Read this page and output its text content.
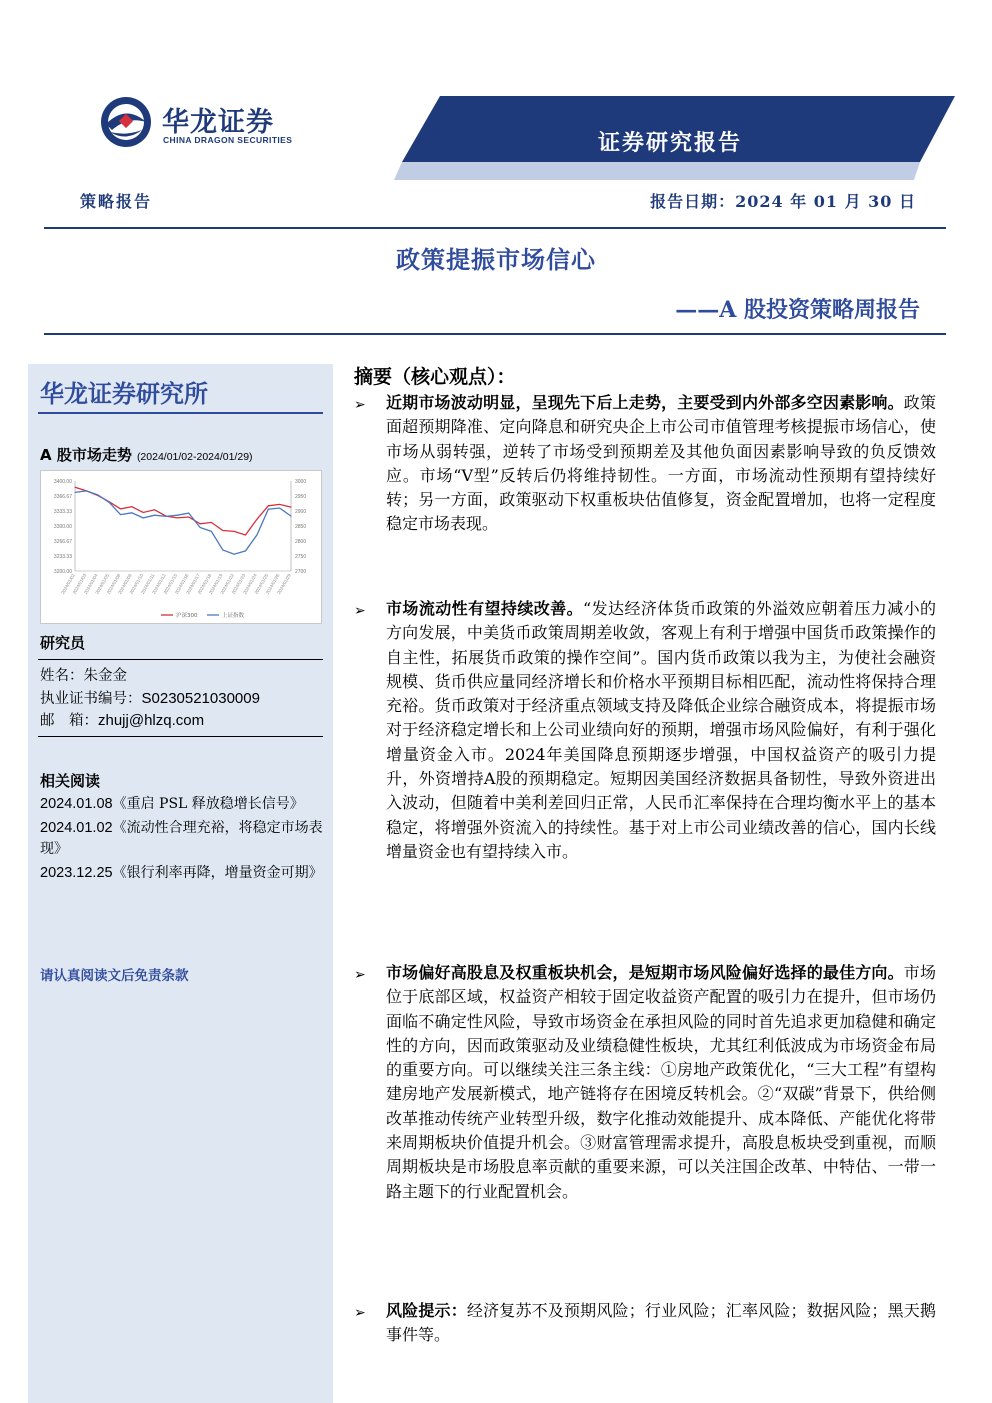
华龙证券
CHINA DRAGON SECURITIES	证券研究报告
策略报告	报告日期：2024 年 01 月 30 日
政策提振市场信心
——A 股投资策略周报告
华龙证券研究所
A 股市场走势 (2024/01/02-2024/01/29)
3200.00	2700
3233.33	2750
3266.67	2800
3300.00	2850
3333.33	2900
3366.67	2950
3400.00	3000
2024/01/02
2024/01/03
2024/01/04
2024/01/05
2024/01/08
2024/01/09
2024/01/10
2024/01/11
2024/01/12
2024/01/15
2024/01/16
2024/01/17
2024/01/18
2024/01/19
2024/01/22
2024/01/23
2024/01/24
2024/01/25
2024/01/26
2024/01/29
沪深300	上证指数
研究员
姓名：朱金金
执业证书编号：S0230521030009
邮　箱：zhujj@hlzq.com
相关阅读
2024.01.08《重启 PSL 释放稳增长信号》
2024.01.02《流动性合理充裕，将稳定市场表现》
2023.12.25《银行利率再降，增量资金可期》
请认真阅读文后免责条款
摘要（核心观点）：
➢ 近期市场波动明显，呈现先下后上走势，主要受到内外部多空因素影响。政策面超预期降准、定向降息和研究央企上市公司市值管理考核提振市场信心，使市场从弱转强，逆转了市场受到预期差及其他负面因素影响导致的负反馈效应。市场“V型”反转后仍将维持韧性。一方面，市场流动性预期有望持续好转；另一方面，政策驱动下权重板块估值修复，资金配置增加，也将一定程度稳定市场表现。
➢ 市场流动性有望持续改善。“发达经济体货币政策的外溢效应朝着压力减小的方向发展，中美货币政策周期差收敛，客观上有利于增强中国货币政策操作的自主性，拓展货币政策的操作空间”。国内货币政策以我为主，为使社会融资规模、货币供应量同经济增长和价格水平预期目标相匹配，流动性将保持合理充裕。货币政策对于经济重点领域支持及降低企业综合融资成本，将提振市场对于经济稳定增长和上公司业绩向好的预期，增强市场风险偏好，有利于强化增量资金入市。2024年美国降息预期逐步增强，中国权益资产的吸引力提升，外资增持A股的预期稳定。短期因美国经济数据具备韧性，导致外资进出入波动，但随着中美利差回归正常，人民币汇率保持在合理均衡水平上的基本稳定，将增强外资流入的持续性。基于对上市公司业绩改善的信心，国内长线增量资金也有望持续入市。
➢ 市场偏好高股息及权重板块机会，是短期市场风险偏好选择的最佳方向。市场位于底部区域，权益资产相较于固定收益资产配置的吸引力在提升，但市场仍面临不确定性风险，导致市场资金在承担风险的同时首先追求更加稳健和确定性的方向，因而政策驱动及业绩稳健性板块，尤其红利低波成为市场资金布局的重要方向。可以继续关注三条主线：①房地产政策优化，“三大工程”有望构建房地产发展新模式，地产链将存在困境反转机会。②“双碳”背景下，供给侧改革推动传统产业转型升级，数字化推动效能提升、成本降低、产能优化将带来周期板块价值提升机会。③财富管理需求提升，高股息板块受到重视，而顺周期板块是市场股息率贡献的重要来源，可以关注国企改革、中特估、一带一路主题下的行业配置机会。
➢ 风险提示：经济复苏不及预期风险；行业风险；汇率风险；数据风险；黑天鹅事件等。
